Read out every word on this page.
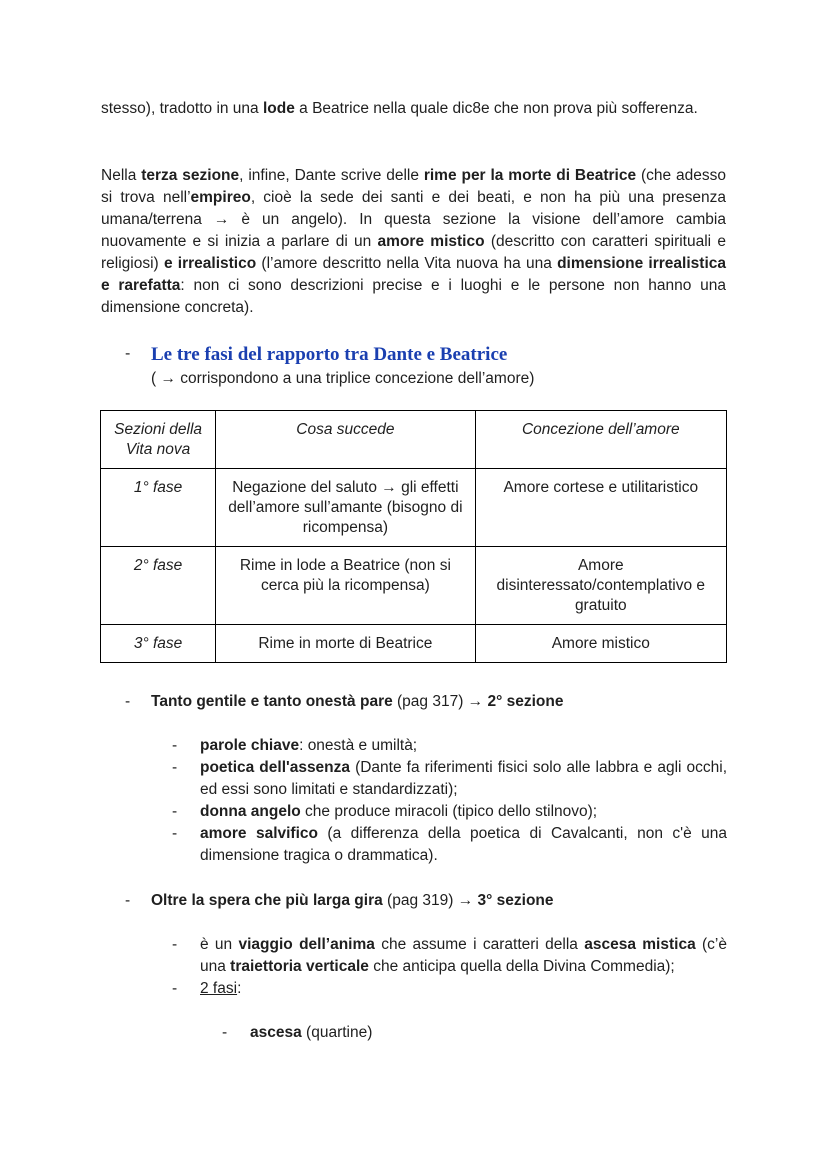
stesso), tradotto in una lode a Beatrice nella quale dic8e che non prova più sofferenza.

Nella terza sezione, infine, Dante scrive delle rime per la morte di Beatrice (che adesso si trova nell’empireo, cioè la sede dei santi e dei beati, e non ha più una presenza umana/terrena → è un angelo). In questa sezione la visione dell’amore cambia nuovamente e si inizia a parlare di un amore mistico (descritto con caratteri spirituali e religiosi) e irrealistico (l’amore descritto nella Vita nuova ha una dimensione irrealistica e rarefatta: non ci sono descrizioni precise e i luoghi e le persone non hanno una dimensione concreta).

- Le tre fasi del rapporto tra Dante e Beatrice

( → corrispondono a una triplice concezione dell’amore)

Sezioni della Vita nova	Cosa succede	Concezione dell’amore
1° fase	Negazione del saluto → gli effetti dell’amore sull’amante (bisogno di ricompensa)	Amore cortese e utilitaristico
2° fase	Rime in lode a Beatrice (non si cerca più la ricompensa)	Amore disinteressato/contemplativo e gratuito
3° fase	Rime in morte di Beatrice	Amore mistico
- Tanto gentile e tanto onestà pare (pag 317) → 2° sezione
- parole chiave: onestà e umiltà;
- poetica dell'assenza (Dante fa riferimenti fisici solo alle labbra e agli occhi, ed essi sono limitati e standardizzati);
- donna angelo che produce miracoli (tipico dello stilnovo);
- amore salvifico (a differenza della poetica di Cavalcanti, non c'è una dimensione tragica o drammatica).
- Oltre la spera che più larga gira (pag 319) → 3° sezione
- è un viaggio dell’anima che assume i caratteri della ascesa mistica (c’è una traiettoria verticale che anticipa quella della Divina Commedia);
- 2 fasi:
- ascesa (quartine)
